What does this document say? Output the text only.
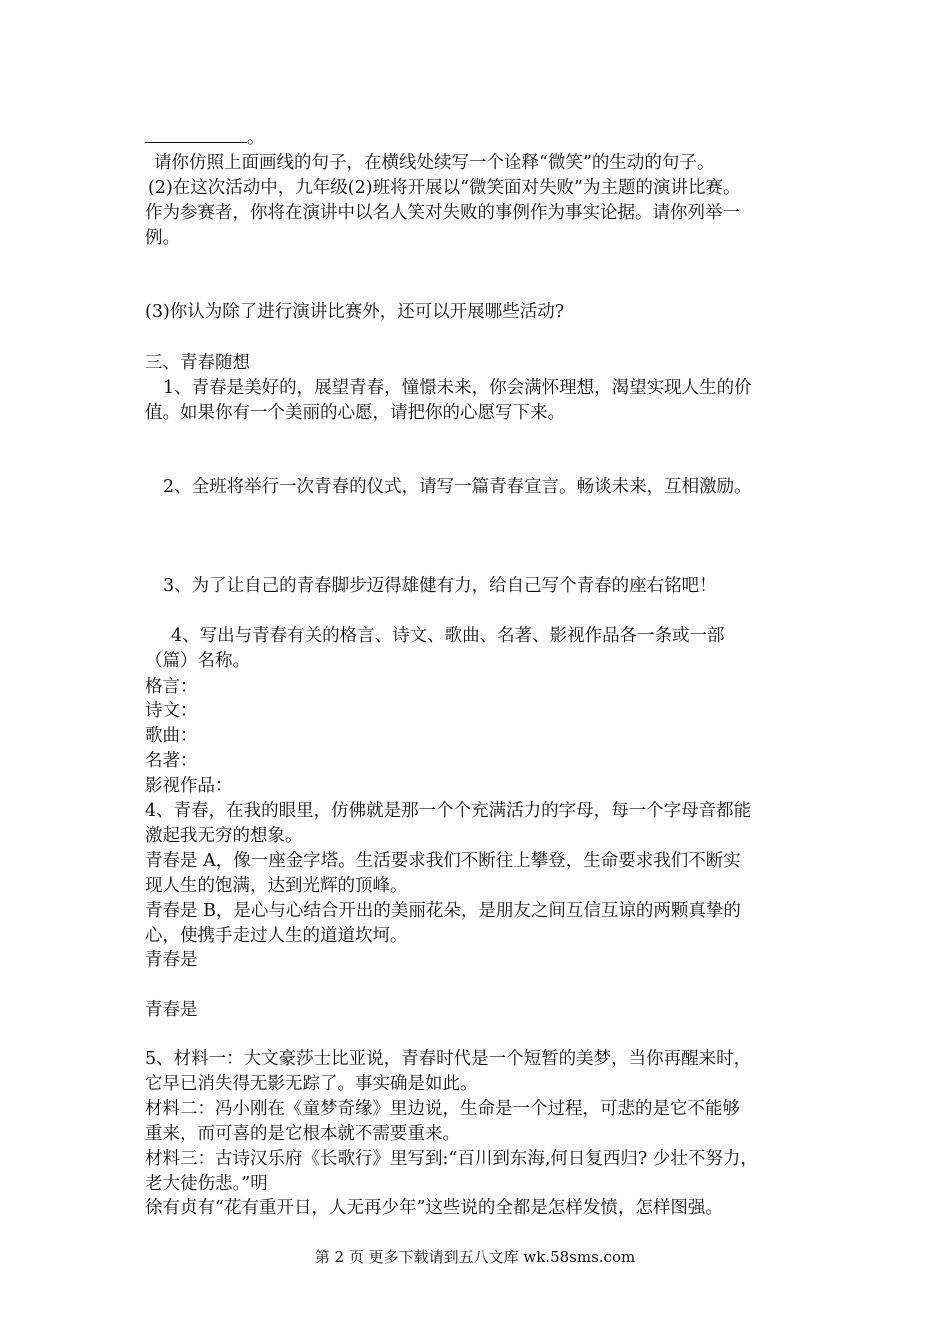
。

请你仿照上面画线的句子，在横线处续写一个诠释“微笑”的生动的句子。

(2)在这次活动中，九年级(2)班将开展以“微笑面对失败”为主题的演讲比赛。

作为参赛者，你将在演讲中以名人笑对失败的事例作为事实论据。请你列举一

例。

(3)你认为除了进行演讲比赛外，还可以开展哪些活动?

三、青春随想

1、青春是美好的，展望青春，憧憬未来，你会满怀理想，渴望实现人生的价

值。如果你有一个美丽的心愿，请把你的心愿写下来。

2、全班将举行一次青春的仪式，请写一篇青春宣言。畅谈未来，互相激励。

3、为了让自己的青春脚步迈得雄健有力，给自己写个青春的座右铭吧！

4、写出与青春有关的格言、诗文、歌曲、名著、影视作品各一条或一部

（篇）名称。

格言：

诗文：

歌曲：

名著：

影视作品：

4、青春，在我的眼里，仿佛就是那一个个充满活力的字母，每一个字母音都能

激起我无穷的想象。

青春是 A，像一座金字塔。生活要求我们不断往上攀登，生命要求我们不断实

现人生的饱满，达到光辉的顶峰。

青春是 B，是心与心结合开出的美丽花朵，是朋友之间互信互谅的两颗真挚的

心，使携手走过人生的道道坎坷。

青春是

青春是

5、材料一：大文豪莎士比亚说，青春时代是一个短暂的美梦，当你再醒来时，

它早已消失得无影无踪了。事实确是如此。

材料二：冯小刚在《童梦奇缘》里边说，生命是一个过程，可悲的是它不能够

重来，而可喜的是它根本就不需要重来。

材料三：古诗汉乐府《长歌行》里写到:“百川到东海,何日复西归? 少壮不努力，

老大徒伤悲。”明

徐有贞有“花有重开日，人无再少年”这些说的全都是怎样发愤，怎样图强。

第 2 页 更多下载请到五八文库 wk.58sms.com
